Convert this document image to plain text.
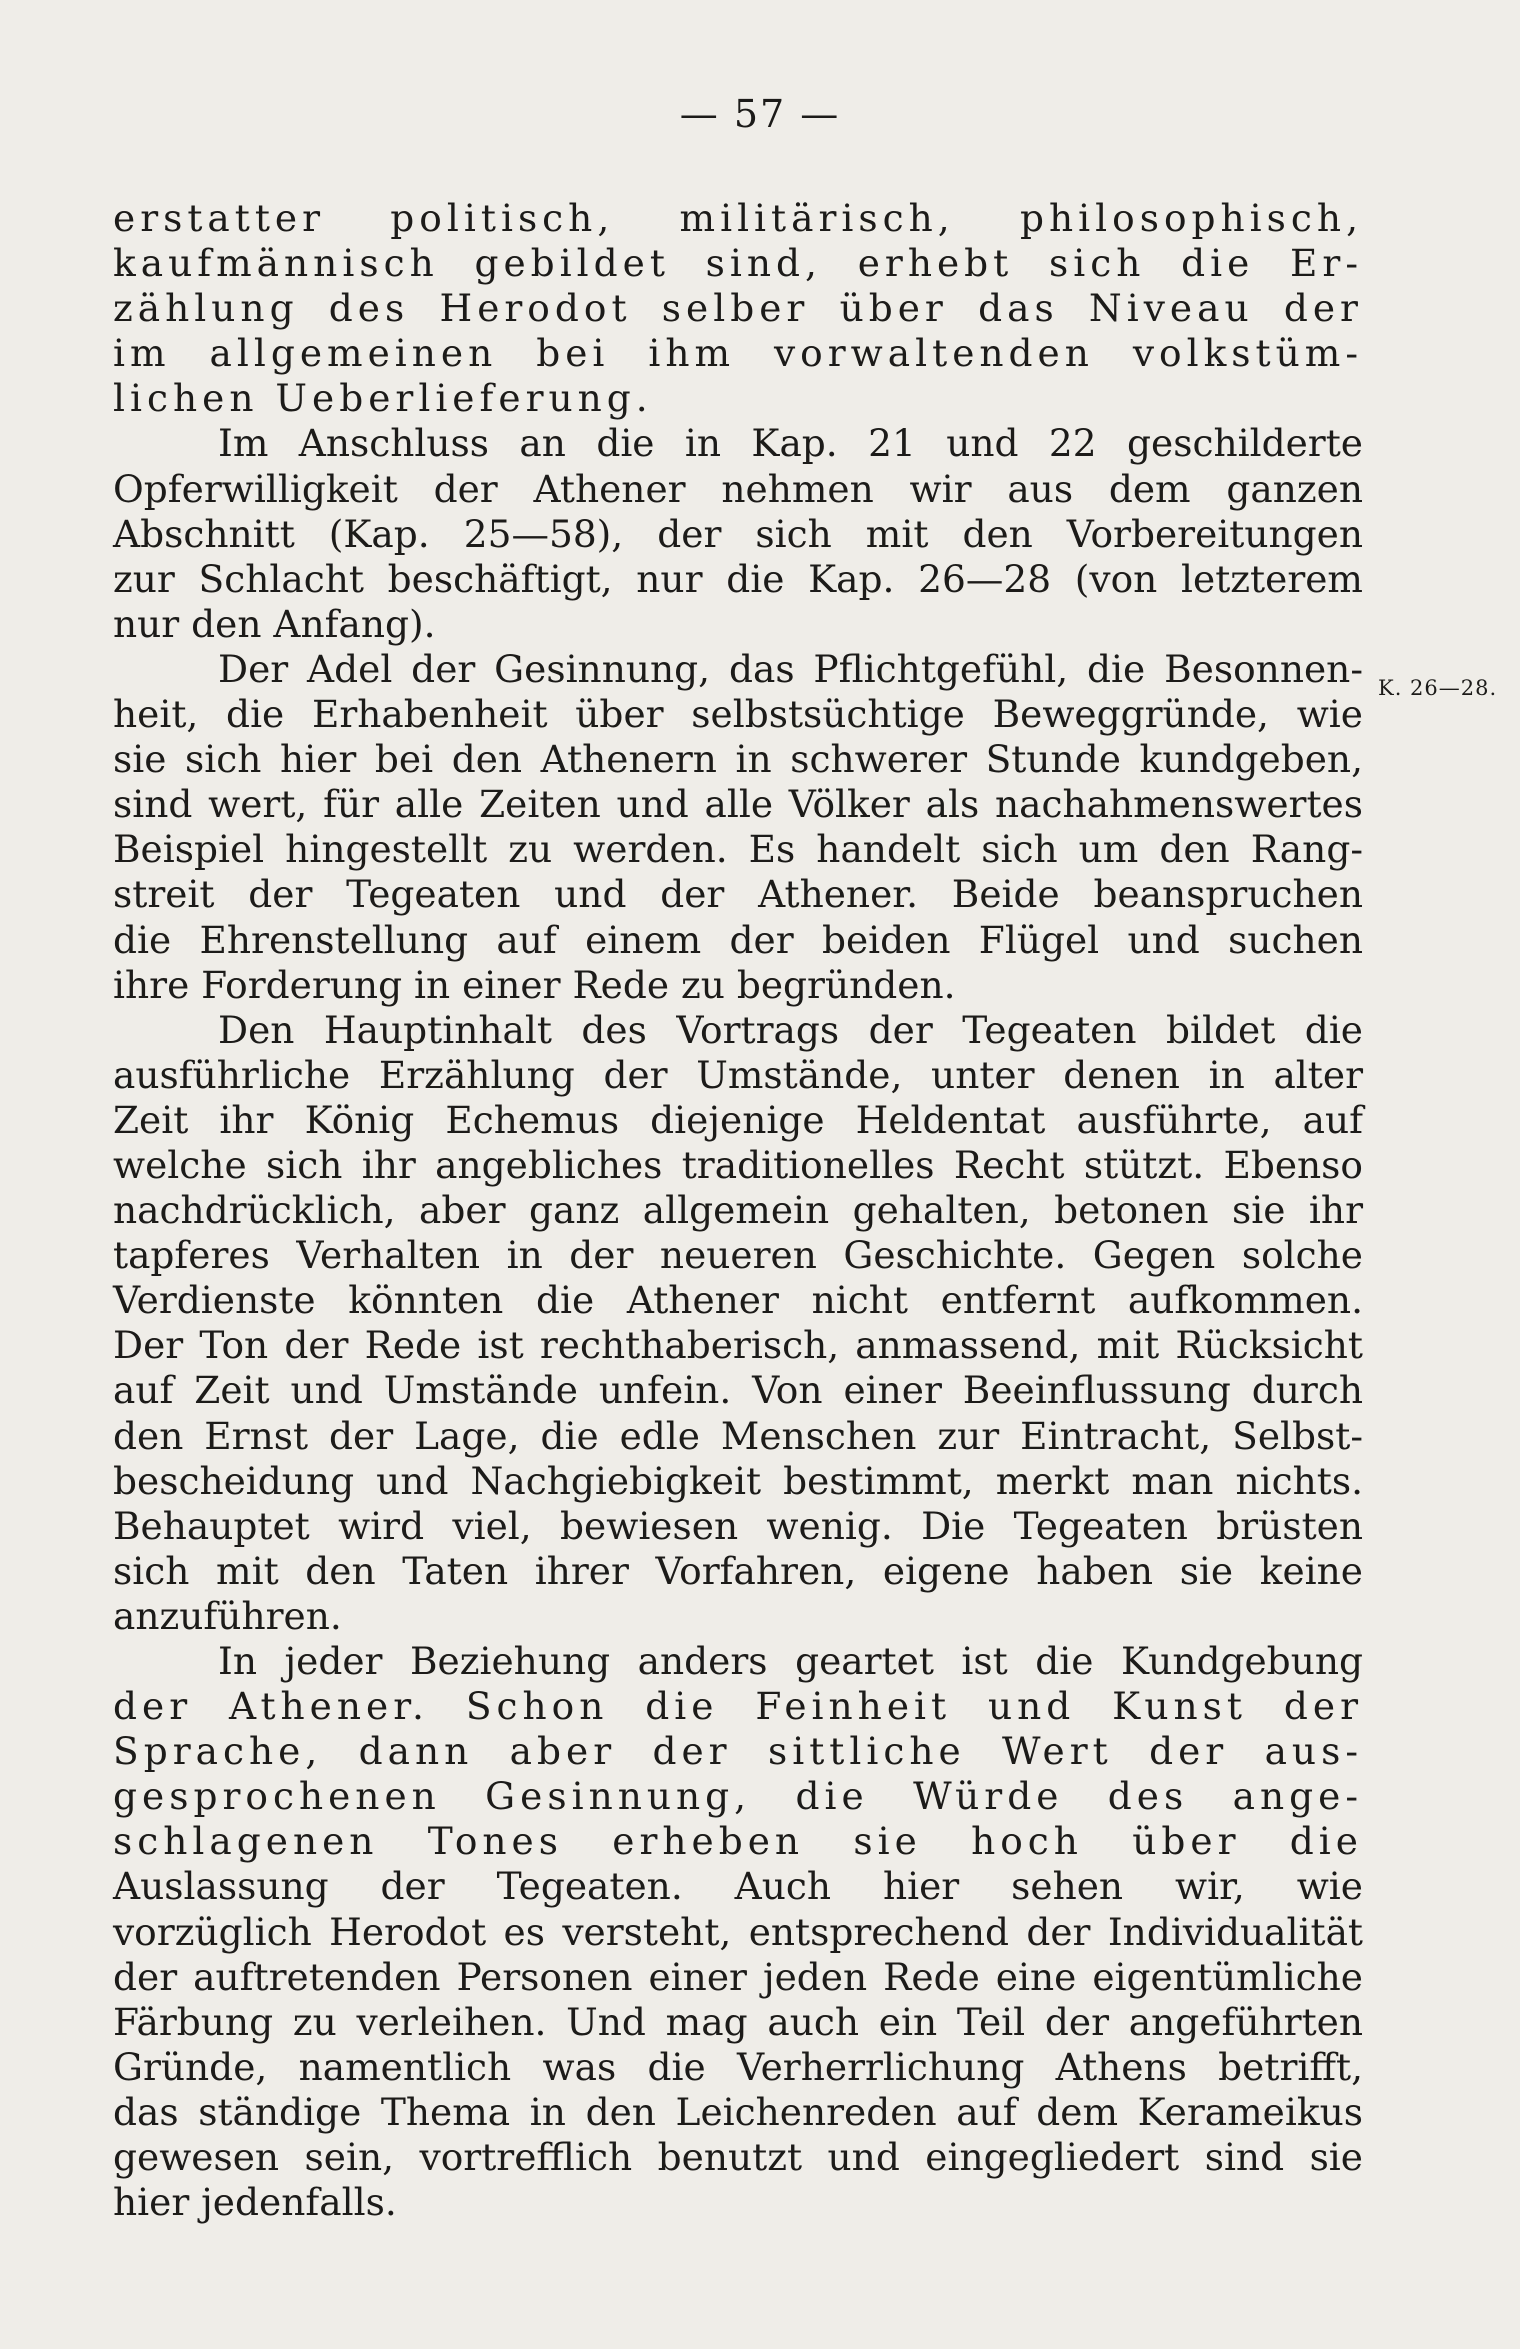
— 57 —
K. 26—28.
erstatter politisch, militärisch, philosophisch,
kaufmännisch gebildet sind, erhebt sich die Er-
zählung des Herodot selber über das Niveau der
im allgemeinen bei ihm vorwaltenden volkstüm-
lichen Ueberlieferung.
Im Anschluss an die in Kap. 21 und 22 geschilderte
Opferwilligkeit der Athener nehmen wir aus dem ganzen
Abschnitt (Kap. 25—58), der sich mit den Vorbereitungen
zur Schlacht beschäftigt, nur die Kap. 26—28 (von letzterem
nur den Anfang).
Der Adel der Gesinnung, das Pflichtgefühl, die Besonnen-
heit, die Erhabenheit über selbstsüchtige Beweggründe, wie
sie sich hier bei den Athenern in schwerer Stunde kundgeben,
sind wert, für alle Zeiten und alle Völker als nachahmenswertes
Beispiel hingestellt zu werden. Es handelt sich um den Rang-
streit der Tegeaten und der Athener. Beide beanspruchen
die Ehrenstellung auf einem der beiden Flügel und suchen
ihre Forderung in einer Rede zu begründen.
Den Hauptinhalt des Vortrags der Tegeaten bildet die
ausführliche Erzählung der Umstände, unter denen in alter
Zeit ihr König Echemus diejenige Heldentat ausführte, auf
welche sich ihr angebliches traditionelles Recht stützt. Ebenso
nachdrücklich, aber ganz allgemein gehalten, betonen sie ihr
tapferes Verhalten in der neueren Geschichte. Gegen solche
Verdienste könnten die Athener nicht entfernt aufkommen.
Der Ton der Rede ist rechthaberisch, anmassend, mit Rücksicht
auf Zeit und Umstände unfein. Von einer Beeinflussung durch
den Ernst der Lage, die edle Menschen zur Eintracht, Selbst-
bescheidung und Nachgiebigkeit bestimmt, merkt man nichts.
Behauptet wird viel, bewiesen wenig. Die Tegeaten brüsten
sich mit den Taten ihrer Vorfahren, eigene haben sie keine
anzuführen.
In jeder Beziehung anders geartet ist die Kundgebung
der Athener. Schon die Feinheit und Kunst der
Sprache, dann aber der sittliche Wert der aus-
gesprochenen Gesinnung, die Würde des ange-
schlagenen Tones erheben sie hoch über die
Auslassung der Tegeaten. Auch hier sehen wir, wie
vorzüglich Herodot es versteht, entsprechend der Individualität
der auftretenden Personen einer jeden Rede eine eigentümliche
Färbung zu verleihen. Und mag auch ein Teil der angeführten
Gründe, namentlich was die Verherrlichung Athens betrifft,
das ständige Thema in den Leichenreden auf dem Kerameikus
gewesen sein, vortrefflich benutzt und eingegliedert sind sie
hier jedenfalls.
